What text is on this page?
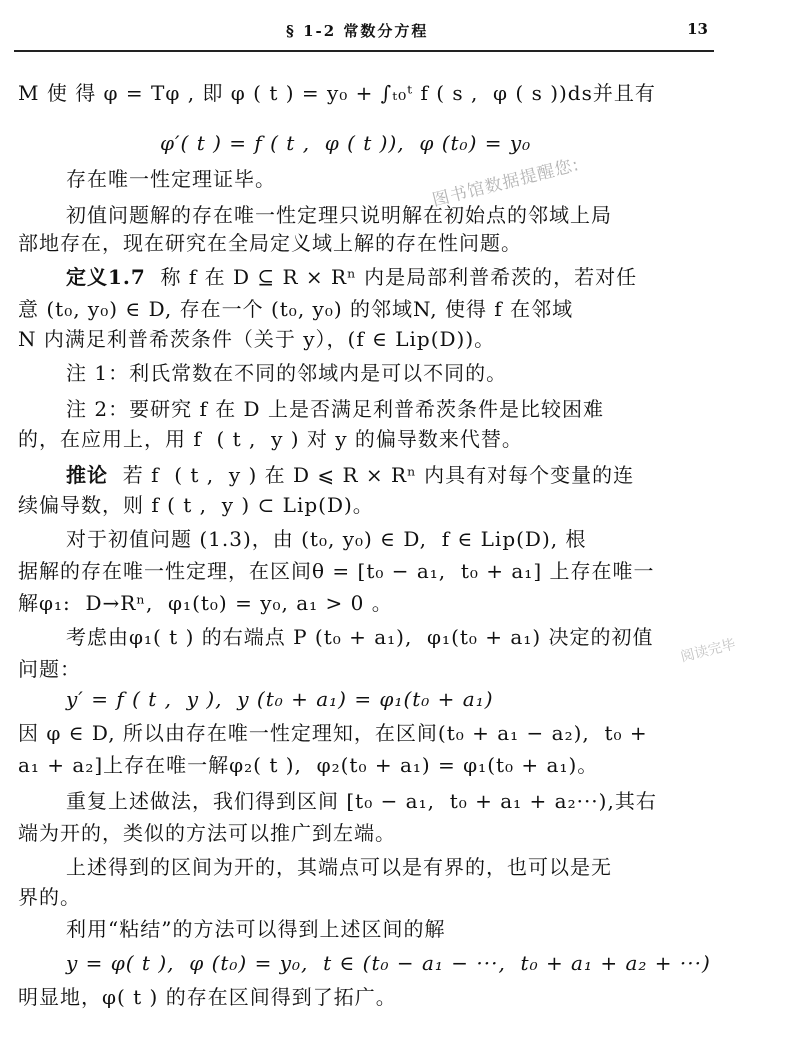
§ 1-2 常数分方程	13
图书馆数据提醒您:
阅读完毕
M 使 得 φ = Tφ , 即 φ ( t ) = y₀ + ∫ₜ₀ᵗ f ( s ,  φ ( s ))ds并且有
φ′( t ) = f ( t ,  φ ( t )),  φ (t₀) = y₀
存在唯一性定理证毕。
初值问题解的存在唯一性定理只说明解在初始点的邻域上局
部地存在，现在研究在全局定义域上解的存在性问题。
定义1.7  称 f 在 D ⊆ R × Rⁿ 内是局部利普希茨的，若对任
意 (t₀, y₀) ∈ D, 存在一个 (t₀, y₀) 的邻域N, 使得 f 在邻域
N 内满足利普希茨条件（关于 y），(f ∈ Lip(D))。
注 1：利氏常数在不同的邻域内是可以不同的。
注 2：要研究 f 在 D 上是否满足利普希茨条件是比较困难
的，在应用上，用 f  ( t ,  y ) 对 y 的偏导数来代替。
推论  若 f  ( t ,  y ) 在 D ⩽ R × Rⁿ 内具有对每个变量的连
续偏导数，则 f ( t ,  y ) ⊂ Lip(D)。
对于初值问题 (1.3)，由 (t₀, y₀) ∈ D,  f ∈ Lip(D), 根
据解的存在唯一性定理，在区间θ = [t₀ − a₁,  t₀ + a₁] 上存在唯一
解φ₁:  D→Rⁿ,  φ₁(t₀) = y₀, a₁ > 0 。
考虑由φ₁( t ) 的右端点 P (t₀ + a₁),  φ₁(t₀ + a₁) 决定的初值
问题：
y′ = f ( t ,  y ),  y (t₀ + a₁) = φ₁(t₀ + a₁)
因 φ ∈ D, 所以由存在唯一性定理知，在区间(t₀ + a₁ − a₂),  t₀ +
a₁ + a₂]上存在唯一解φ₂( t ),  φ₂(t₀ + a₁) = φ₁(t₀ + a₁)。
重复上述做法，我们得到区间 [t₀ − a₁,  t₀ + a₁ + a₂···),其右
端为开的，类似的方法可以推广到左端。
上述得到的区间为开的，其端点可以是有界的，也可以是无
界的。
利用“粘结”的方法可以得到上述区间的解
y = φ( t ),  φ (t₀) = y₀,  t ∈ (t₀ − a₁ − ···,  t₀ + a₁ + a₂ + ···)
明显地，φ( t ) 的存在区间得到了拓广。
